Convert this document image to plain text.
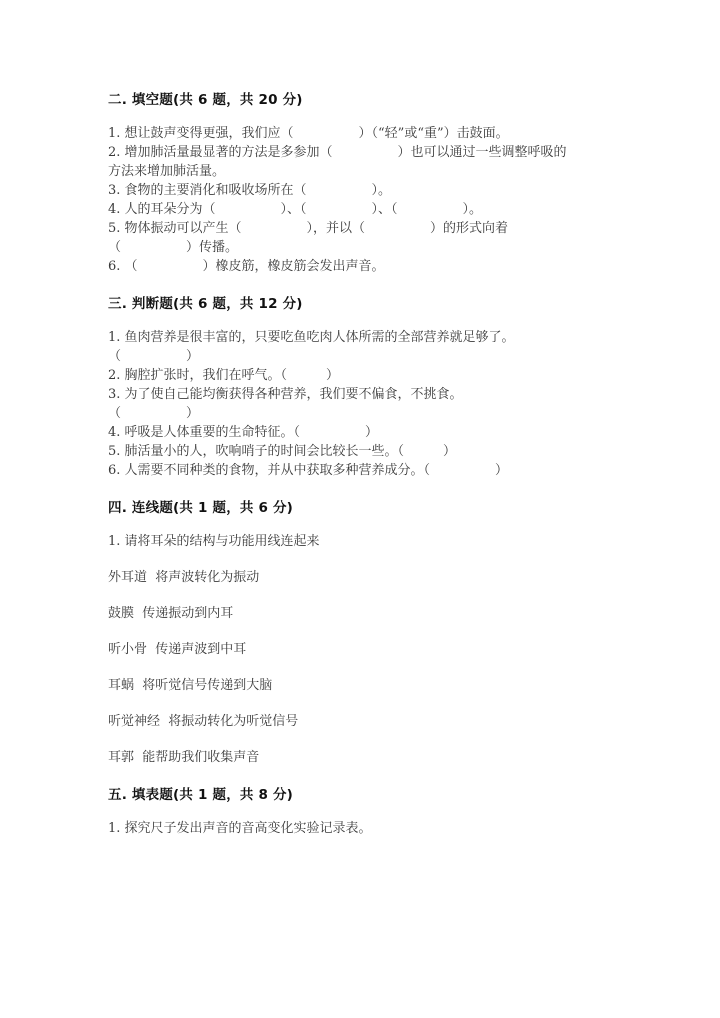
二. 填空题(共 6 题，共 20 分)
1. 想让鼓声变得更强，我们应（　　　　　）（“轻”或“重”）击鼓面。
2. 增加肺活量最显著的方法是多参加（　　　　　）也可以通过一些调整呼吸的
方法来增加肺活量。
3. 食物的主要消化和吸收场所在（　　　　　）。
4. 人的耳朵分为（　　　　　）、（　　　　　）、（　　　　　）。
5. 物体振动可以产生（　　　　　），并以（　　　　　）的形式向着
（　　　　　）传播。
6. （　　　　　）橡皮筋，橡皮筋会发出声音。
三. 判断题(共 6 题，共 12 分)
1. 鱼肉营养是很丰富的，只要吃鱼吃肉人体所需的全部营养就足够了。
（　　　　　）
2. 胸腔扩张时，我们在呼气。（　　　）
3. 为了使自己能均衡获得各种营养，我们要不偏食，不挑食。
（　　　　　）
4. 呼吸是人体重要的生命特征。（　　　　　）
5. 肺活量小的人，吹响哨子的时间会比较长一些。（　　　）
6. 人需要不同种类的食物，并从中获取多种营养成分。（　　　　　）
四. 连线题(共 1 题，共 6 分)
1. 请将耳朵的结构与功能用线连起来
外耳道  将声波转化为振动
鼓膜  传递振动到内耳
听小骨  传递声波到中耳
耳蜗  将听觉信号传递到大脑
听觉神经  将振动转化为听觉信号
耳郭  能帮助我们收集声音
五. 填表题(共 1 题，共 8 分)
1. 探究尺子发出声音的音高变化实验记录表。
